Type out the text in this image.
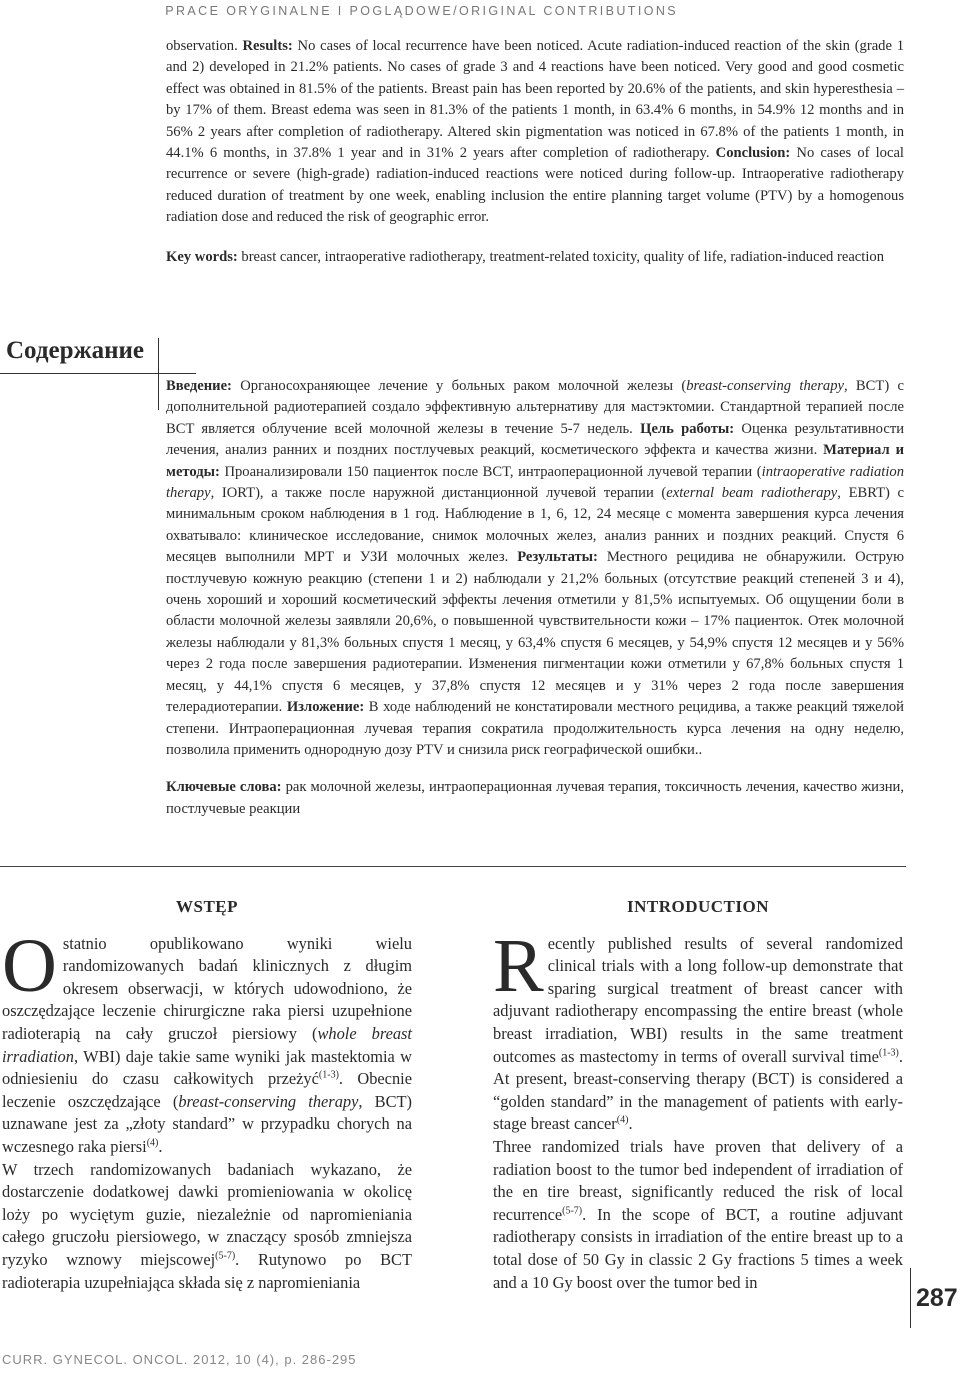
PRACE ORYGINALNE I POGLĄDOWE/ORIGINAL CONTRIBUTIONS

observation. Results: No cases of local recurrence have been noticed. Acute radiation-induced reaction of the skin (grade 1 and 2) developed in 21.2% patients. No cases of grade 3 and 4 reactions have been noticed. Very good and good cosmetic effect was obtained in 81.5% of the patients. Breast pain has been reported by 20.6% of the patients, and skin hyperesthesia – by 17% of them. Breast edema was seen in 81.3% of the patients 1 month, in 63.4% 6 months, in 54.9% 12 months and in 56% 2 years after completion of radiotherapy. Altered skin pigmentation was noticed in 67.8% of the patients 1 month, in 44.1% 6 months, in 37.8% 1 year and in 31% 2 years after completion of radiotherapy. Conclusion: No cases of local recurrence or severe (high-grade) radiation-induced reactions were noticed during follow-up. Intraoperative radiotherapy reduced duration of treatment by one week, enabling inclusion the entire planning target volume (PTV) by a homogenous radiation dose and reduced the risk of geographic error.

Key words: breast cancer, intraoperative radiotherapy, treatment-related toxicity, quality of life, radiation-induced reaction

Содержание

Введение: Органосохраняющее лечение у больных раком молочной железы (breast-conserving therapy, BCT) с дополнительной радиотерапией создало эффективную альтернативу для мастэктомии. Стандартной терапией после BCT является облучение всей молочной железы в течение 5-7 недель. Цель работы: Оценка результативности лечения, анализ ранних и поздних постлучевых реакций, косметического эффекта и качества жизни. Материал и методы: Проанализировали 150 пациенток после BCT, интраоперационной лучевой терапии (intraoperative radiation therapy, IORT), а также после наружной дистанционной лучевой терапии (external beam radiotherapy, EBRT) с минимальным сроком наблюдения в 1 год. Наблюдение в 1, 6, 12, 24 месяце с момента завершения курса лечения охватывало: клиническое исследование, снимок молочных желез, анализ ранних и поздних реакций. Спустя 6 месяцев выполнили МРТ и УЗИ молочных желез. Результаты: Местного рецидива не обнаружили. Острую постлучевую кожную реакцию (степени 1 и 2) наблюдали у 21,2% больных (отсутствие реакций степеней 3 и 4), очень хороший и хороший косметический эффекты лечения отметили у 81,5% испытуемых. Об ощущении боли в области молочной железы заявляли 20,6%, о повышенной чувствительности кожи – 17% пациенток. Отек молочной железы наблюдали у 81,3% больных спустя 1 месяц, у 63,4% спустя 6 месяцев, у 54,9% спустя 12 месяцев и у 56% через 2 года после завершения радиотерапии. Изменения пигментации кожи отметили у 67,8% больных спустя 1 месяц, у 44,1% спустя 6 месяцев, у 37,8% спустя 12 месяцев и у 31% через 2 года после завершения телерадиотерапии. Изложение: В ходе наблюдений не констатировали местного рецидива, а также реакций тяжелой степени. Интраоперационная лучевая терапия сократила продолжительность курса лечения на одну неделю, позволила применить однородную дозу PTV и снизила риск географической ошибки..

Ключевые слова: рак молочной железы, интраоперационная лучевая терапия, токсичность лечения, качество жизни, постлучевые реакции

WSTĘP

Ostatnio opublikowano wyniki wielu randomizowanych badań klinicznych z długim okresem obserwacji, w których udowodniono, że oszczędzające leczenie chirurgiczne raka piersi uzupełnione radioterapią na cały gruczoł piersiowy (whole breast irradiation, WBI) daje takie same wyniki jak mastektomia w odniesieniu do czasu całkowitych przeżyć$^{(1-3)}$. Obecnie leczenie oszczędzające (breast-conserving therapy, BCT) uznawane jest za „złoty standard” w przypadku chorych na wczesnego raka piersi$^{(4)}$.

W trzech randomizowanych badaniach wykazano, że dostarczenie dodatkowej dawki promieniowania w okolicę loży po wyciętym guzie, niezależnie od napromieniania całego gruczołu piersiowego, w znaczący sposób zmniejsza ryzyko wznowy miejscowej$^{(5-7)}$. Rutynowo po BCT radioterapia uzupełniająca składa się z napromieniania

INTRODUCTION

Recently published results of several randomized clinical trials with a long follow-up demonstrate that sparing surgical treatment of breast cancer with adjuvant radiotherapy encompassing the entire breast (whole breast irradiation, WBI) results in the same treatment outcomes as mastectomy in terms of overall survival time$^{(1-3)}$. At present, breast-conserving therapy (BCT) is considered a “golden standard” in the management of patients with early-stage breast cancer$^{(4)}$.

Three randomized trials have proven that delivery of a radiation boost to the tumor bed independent of irradiation of the en tire breast, significantly reduced the risk of local recurrence$^{(5-7)}$. In the scope of BCT, a routine adjuvant radiotherapy consists in irradiation of the entire breast up to a total dose of 50 Gy in classic 2 Gy fractions 5 times a week and a 10 Gy boost over the tumor bed in

287
CURR. GYNECOL. ONCOL. 2012, 10 (4), p. 286-295
